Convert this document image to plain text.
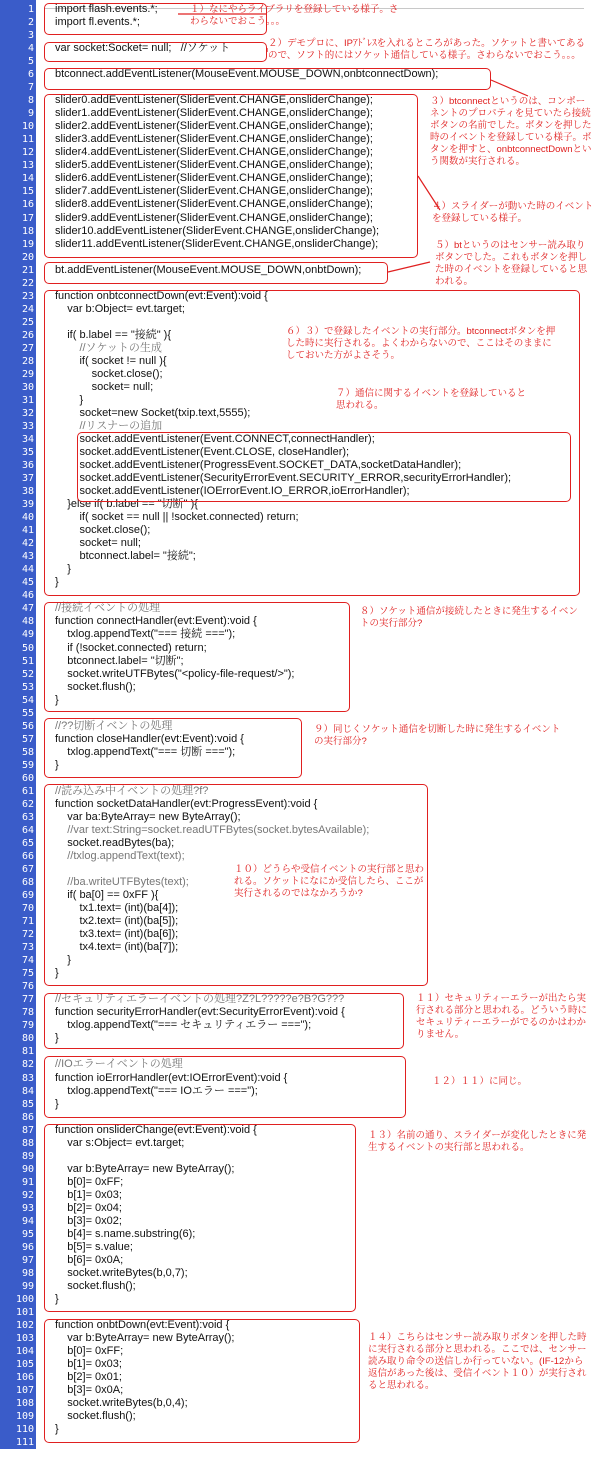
1 import flash.events.*;
2 import fl.events.*;
3
4 var socket:Socket= null;   //ソケット
5
6 btconnect.addEventListener(MouseEvent.MOUSE_DOWN,onbtconnectDown);
7
8 slider0.addEventListener(SliderEvent.CHANGE,onsliderChange);
9 slider1.addEventListener(SliderEvent.CHANGE,onsliderChange);
10 slider2.addEventListener(SliderEvent.CHANGE,onsliderChange);
11 slider3.addEventListener(SliderEvent.CHANGE,onsliderChange);
12 slider4.addEventListener(SliderEvent.CHANGE,onsliderChange);
13 slider5.addEventListener(SliderEvent.CHANGE,onsliderChange);
14 slider6.addEventListener(SliderEvent.CHANGE,onsliderChange);
15 slider7.addEventListener(SliderEvent.CHANGE,onsliderChange);
16 slider8.addEventListener(SliderEvent.CHANGE,onsliderChange);
17 slider9.addEventListener(SliderEvent.CHANGE,onsliderChange);
18 slider10.addEventListener(SliderEvent.CHANGE,onsliderChange);
19 slider11.addEventListener(SliderEvent.CHANGE,onsliderChange);
20
21 bt.addEventListener(MouseEvent.MOUSE_DOWN,onbtDown);
22
23 function onbtconnectDown(evt:Event):void {
24 var b:Object= evt.target;
25
26 if( b.label == "接続" ){
27 //ソケットの生成
28 if( socket != null ){
29 socket.close();
30 socket= null;
31 }
32 socket=new Socket(txip.text,5555);
33 //リスナーの追加
34 socket.addEventListener(Event.CONNECT,connectHandler);
35 socket.addEventListener(Event.CLOSE, closeHandler);
36 socket.addEventListener(ProgressEvent.SOCKET_DATA,socketDataHandler);
37 socket.addEventListener(SecurityErrorEvent.SECURITY_ERROR,securityErrorHandler);
38 socket.addEventListener(IOErrorEvent.IO_ERROR,ioErrorHandler);
39 }else if( b.label == "切断" ){
40 if( socket == null || !socket.connected) return;
41 socket.close();
42 socket= null;
43 btconnect.label= "接続";
44 }
45 }
46
47 //接続イベントの処理
48 function connectHandler(evt:Event):void {
49 txlog.appendText("=== 接続 ===");
50 if (!socket.connected) return;
51 btconnect.label= "切断";
52 socket.writeUTFBytes("<policy-file-request/>");
53 socket.flush();
54 }
55
56 //??切断イベントの処理
57 function closeHandler(evt:Event):void {
58 txlog.appendText("=== 切断 ===");
59 }
60
61 //読み込み中イベントの処理?f?
62 function socketDataHandler(evt:ProgressEvent):void {
63 var ba:ByteArray= new ByteArray();
64 //var text:String=socket.readUTFBytes(socket.bytesAvailable);
65 socket.readBytes(ba);
66 //txlog.appendText(text);
67
68 //ba.writeUTFBytes(text);
69 if( ba[0] == 0xFF ){
70 tx1.text= (int)(ba[4]);
71 tx2.text= (int)(ba[5]);
72 tx3.text= (int)(ba[6]);
73 tx4.text= (int)(ba[7]);
74 }
75 }
76
77 //セキュリティエラーイベントの処理?Z?L?????e?B?G???
78 function securityErrorHandler(evt:SecurityErrorEvent):void {
79 txlog.appendText("=== セキュリティエラー ===");
80 }
81
82 //IOエラーイベントの処理
83 function ioErrorHandler(evt:IOErrorEvent):void {
84 txlog.appendText("=== IOエラー ===");
85 }
86
87 function onsliderChange(evt:Event):void {
88 var s:Object= evt.target;
89
90 var b:ByteArray= new ByteArray();
91 b[0]= 0xFF;
92 b[1]= 0x03;
93 b[2]= 0x04;
94 b[3]= 0x02;
95 b[4]= s.name.substring(6);
96 b[5]= s.value;
97 b[6]= 0x0A;
98 socket.writeBytes(b,0,7);
99 socket.flush();
100 }
101
102 function onbtDown(evt:Event):void {
103 var b:ByteArray= new ByteArray();
104 b[0]= 0xFF;
105 b[1]= 0x03;
106 b[2]= 0x01;
107 b[3]= 0x0A;
108 socket.writeBytes(b,0,4);
109 socket.flush();
110 }
111
112
１）なにやらライブラリを登録している様子。さわらないでおこう。。。
２）デモプロに、IPｱﾄﾞﾚｽを入れるところがあった。ソケットと書いてあるので、ソフト的にはソケット通信している様子。さわらないでおこう。。。
３）btconnectというのは、コンポーネントのプロパティを見ていたら接続ボタンの名前でした。ボタンを押した時のイベントを登録している様子。ボタンを押すと、onbtconnectDownという関数が実行される。
４）スライダーが動いた時のイベントを登録している様子。
５）btというのはセンサー読み取りボタンでした。これもボタンを押した時のイベントを登録していると思われる。
６）３）で登録したイベントの実行部分。btconnectボタンを押した時に実行される。よくわからないので、ここはそのままにしておいた方がよさそう。
７）通信に関するイベントを登録していると思われる。
８）ソケット通信が接続したときに発生するイベントの実行部分?
９）同じくソケット通信を切断した時に発生するイベントの実行部分?
１０）どうらや受信イベントの実行部と思われる。ソケットになにか受信したら、ここが実行されるのではなかろうか?
１１）セキュリティーエラーが出たら実行される部分と思われる。どういう時にセキュリティーエラーがでるのかはわかりません。
１２）１１）に同じ。
１３）名前の通り、スライダーが変化したときに発生するイベントの実行部と思われる。
１４）こちらはセンサー読み取りボタンを押した時に実行される部分と思われる。ここでは、センサー読み取り命令の送信しか行っていない。(IF-12から返信があった後は、受信イベント１０）が実行されると思われる。
